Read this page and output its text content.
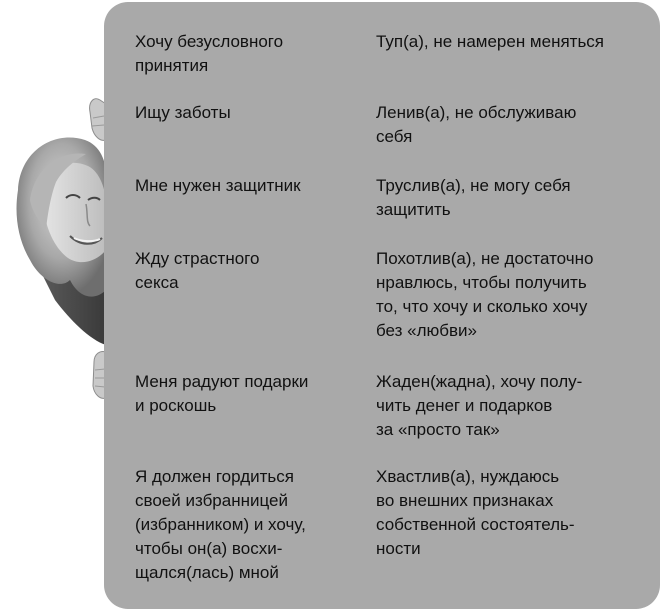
Хочу безусловного
принятия
Туп(а), не намерен меняться
Ищу заботы	Ленив(а), не обслуживаю
себя
Мне нужен защитник	Труслив(а), не могу себя
защитить
Жду страстного
секса
Похотлив(а), не достаточно
нравлюсь, чтобы получить
то, что хочу и сколько хочу
без «любви»
Меня радуют подарки
и роскошь
Жаден(жадна), хочу полу-
чить денег и подарков
за «просто так»
Я должен гордиться
своей избранницей
(избранником) и хочу,
чтобы он(а) восхи-
щался(лась) мной
Хвастлив(а), нуждаюсь
во внешних признаках
собственной состоятель-
ности
